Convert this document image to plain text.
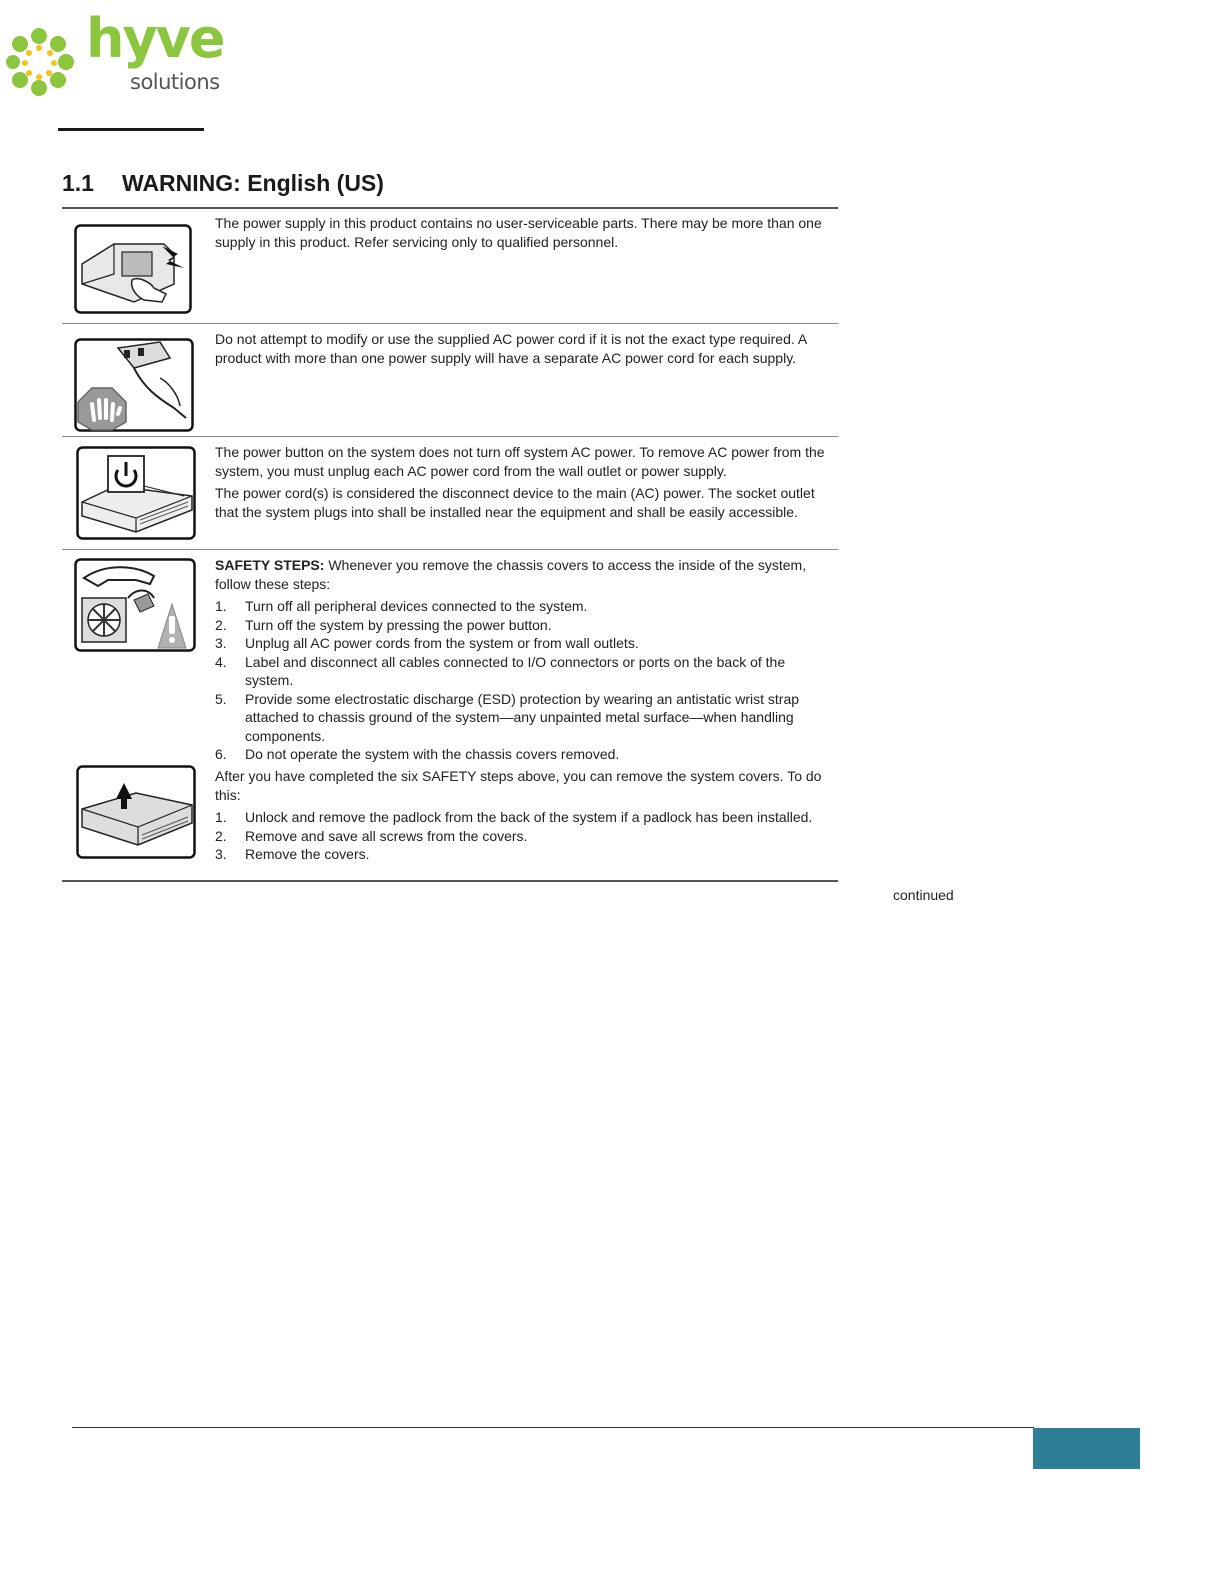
hyve
solutions
1.1 WARNING: English (US)

The power supply in this product contains no user-serviceable parts. There may be more than one supply in this product. Refer servicing only to qualified personnel.

Do not attempt to modify or use the supplied AC power cord if it is not the exact type required. A product with more than one power supply will have a separate AC power cord for each supply.

The power button on the system does not turn off system AC power. To remove AC power from the system, you must unplug each AC power cord from the wall outlet or power supply.

The power cord(s) is considered the disconnect device to the main (AC) power. The socket outlet that the system plugs into shall be installed near the equipment and shall be easily accessible.

SAFETY STEPS: Whenever you remove the chassis covers to access the inside of the system, follow these steps:

1. Turn off all peripheral devices connected to the system.
2. Turn off the system by pressing the power button.
3. Unplug all AC power cords from the system or from wall outlets.
4. Label and disconnect all cables connected to I/O connectors or ports on the back of the system.
5. Provide some electrostatic discharge (ESD) protection by wearing an antistatic wrist strap attached to chassis ground of the system—any unpainted metal surface—when handling components.
6. Do not operate the system with the chassis covers removed.

After you have completed the six SAFETY steps above, you can remove the system covers. To do this:

1. Unlock and remove the padlock from the back of the system if a padlock has been installed.
2. Remove and save all screws from the covers.
3. Remove the covers.
continued
